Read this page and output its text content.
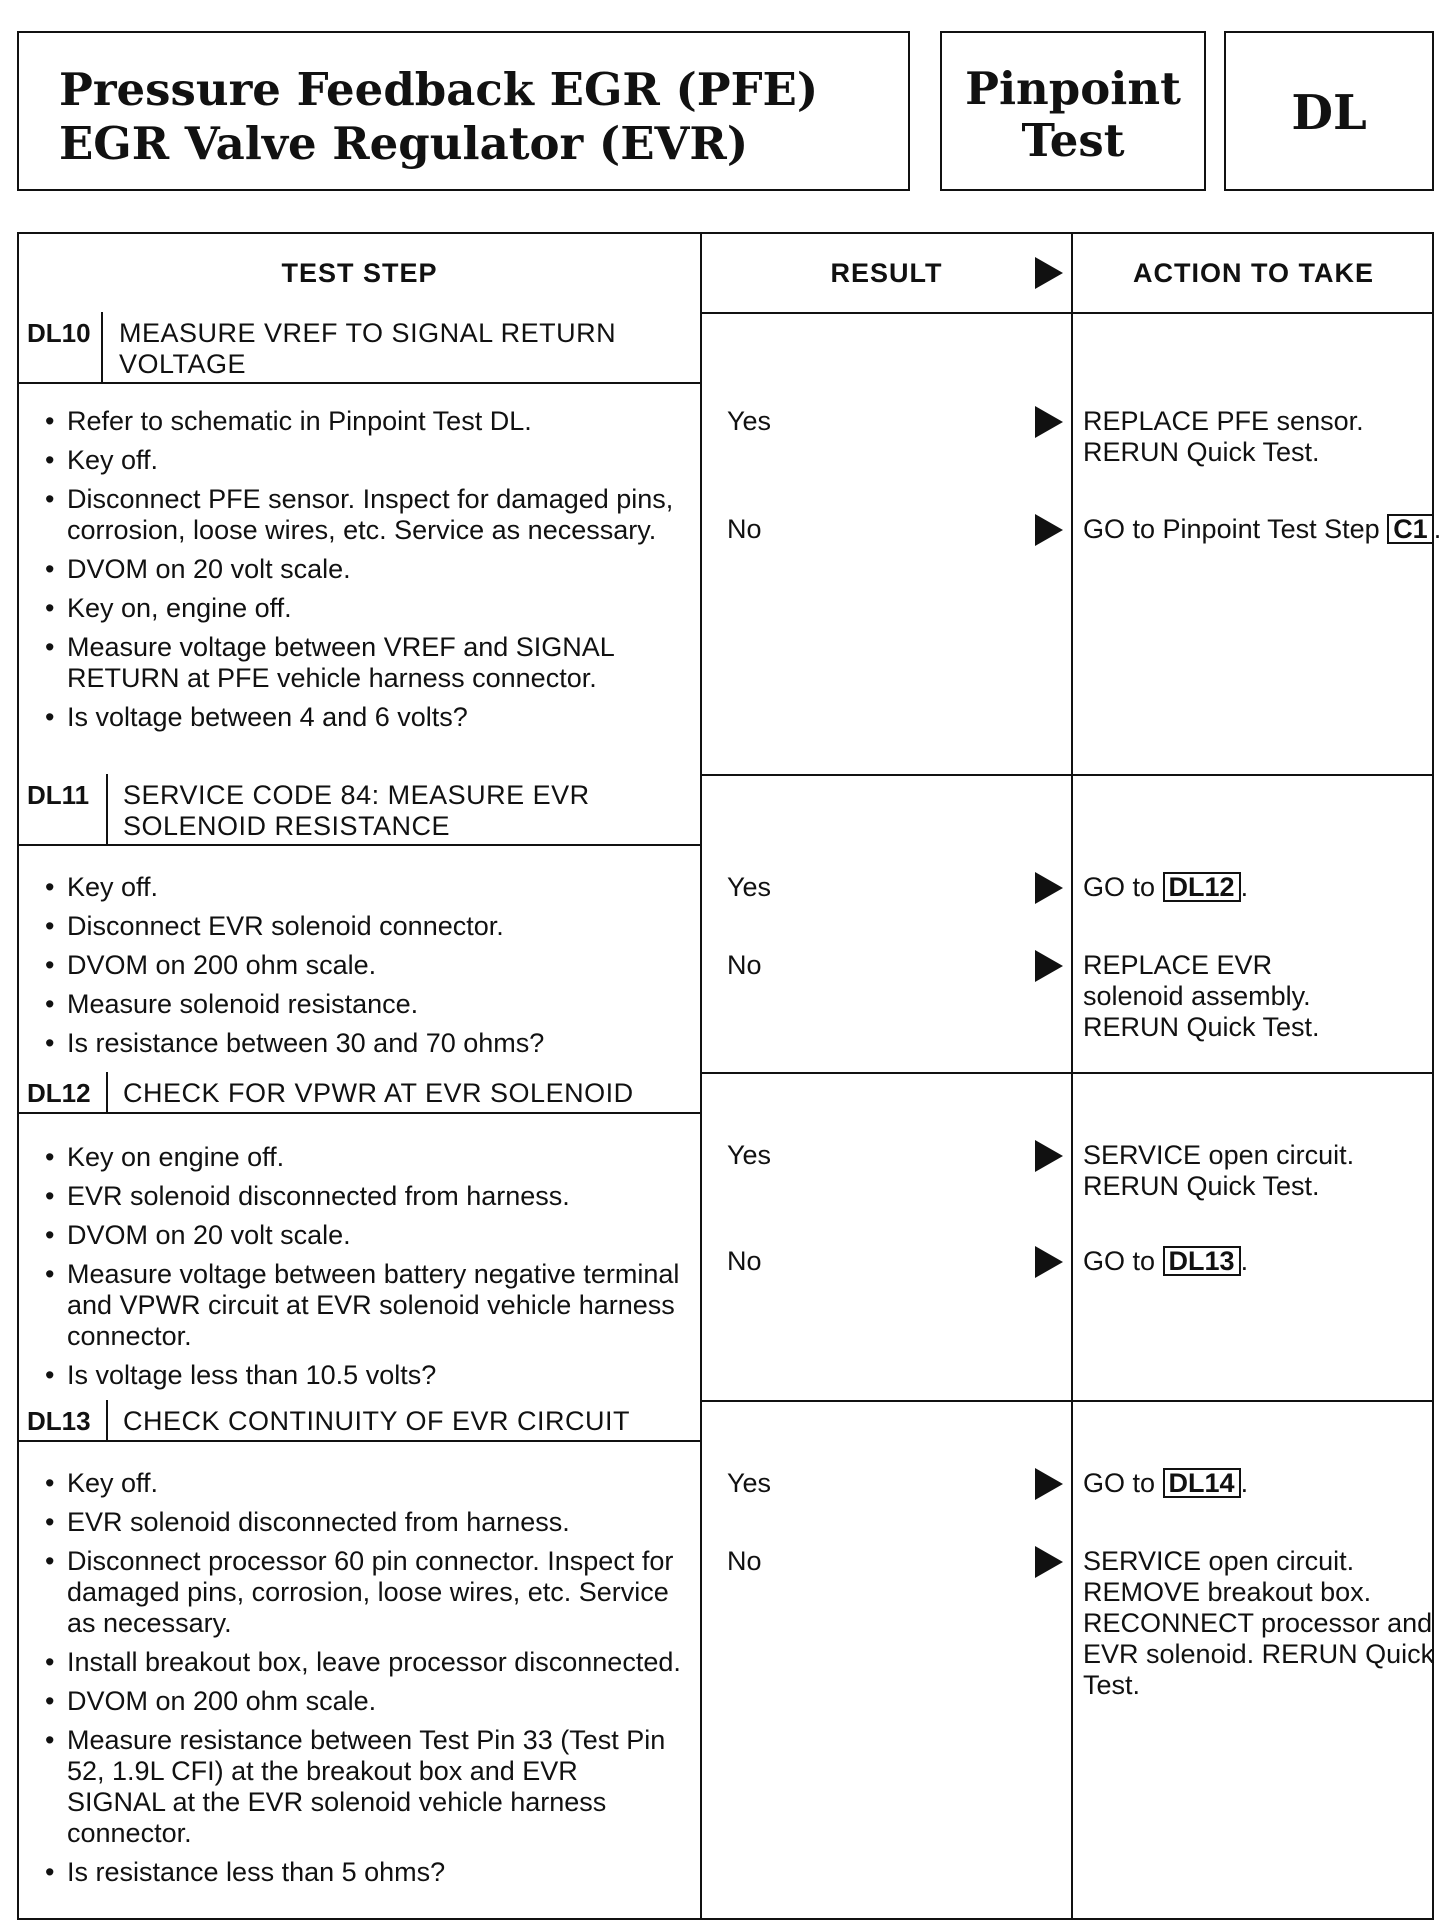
Pressure Feedback EGR (PFE)
EGR Valve Regulator (EVR)
Pinpoint
Test	DL
TEST STEP	RESULT	ACTION TO TAKE
DL10	MEASURE VREF TO SIGNAL RETURN
VOLTAGE
• Refer to schematic in Pinpoint Test DL.
• Key off.
• Disconnect PFE sensor. Inspect for damaged pins, corrosion, loose wires, etc. Service as necessary.
• DVOM on 20 volt scale.
• Key on, engine off.
• Measure voltage between VREF and SIGNAL RETURN at PFE vehicle harness connector.
• Is voltage between 4 and 6 volts?
Yes	REPLACE PFE sensor. RERUN Quick Test.
No	GO to Pinpoint Test Step C1 .
DL11	SERVICE CODE 84: MEASURE EVR
SOLENOID RESISTANCE
• Key off.
• Disconnect EVR solenoid connector.
• DVOM on 200 ohm scale.
• Measure solenoid resistance.
• Is resistance between 30 and 70 ohms?
Yes	GO to DL12 .
No	REPLACE EVR solenoid assembly. RERUN Quick Test.
DL12	CHECK FOR VPWR AT EVR SOLENOID
• Key on engine off.
• EVR solenoid disconnected from harness.
• DVOM on 20 volt scale.
• Measure voltage between battery negative terminal and VPWR circuit at EVR solenoid vehicle harness connector.
• Is voltage less than 10.5 volts?
Yes	SERVICE open circuit. RERUN Quick Test.
No	GO to DL13 .
DL13	CHECK CONTINUITY OF EVR CIRCUIT
• Key off.
• EVR solenoid disconnected from harness.
• Disconnect processor 60 pin connector. Inspect for damaged pins, corrosion, loose wires, etc. Service as necessary.
• Install breakout box, leave processor disconnected.
• DVOM on 200 ohm scale.
• Measure resistance between Test Pin 33 (Test Pin 52, 1.9L CFI) at the breakout box and EVR SIGNAL at the EVR solenoid vehicle harness connector.
• Is resistance less than 5 ohms?
Yes	GO to DL14 .
No	SERVICE open circuit. REMOVE breakout box. RECONNECT processor and EVR solenoid. RERUN Quick Test.
